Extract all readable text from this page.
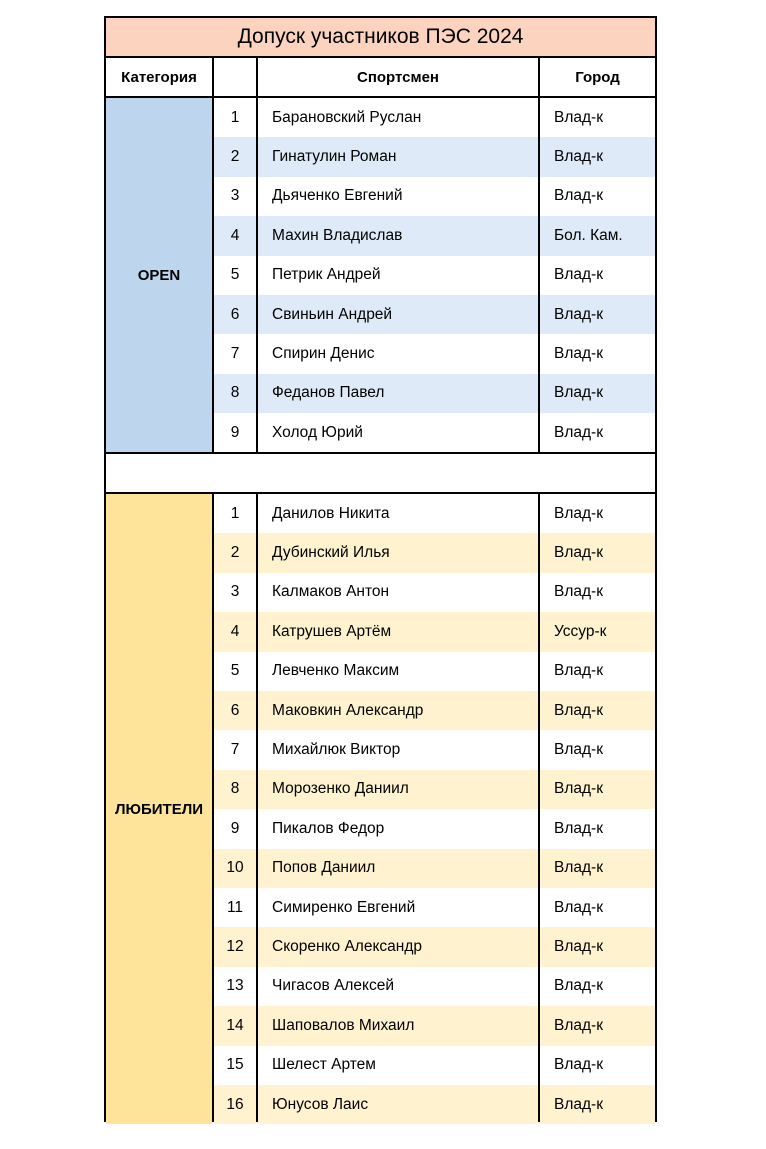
Допуск участников ПЭС 2024
Категория	Спортсмен	Город
OPEN
1	Барановский Руслан	Влад-к
2	Гинатулин Роман	Влад-к
3	Дьяченко Евгений	Влад-к
4	Махин Владислав	Бол. Кам.
5	Петрик Андрей	Влад-к
6	Свиньин Андрей	Влад-к
7	Спирин Денис	Влад-к
8	Феданов Павел	Влад-к
9	Холод Юрий	Влад-к
ЛЮБИТЕЛИ
1	Данилов Никита	Влад-к
2	Дубинский Илья	Влад-к
3	Калмаков Антон	Влад-к
4	Катрушев Артём	Уссур-к
5	Левченко Максим	Влад-к
6	Маковкин Александр	Влад-к
7	Михайлюк Виктор	Влад-к
8	Морозенко Даниил	Влад-к
9	Пикалов Федор	Влад-к
10	Попов Даниил	Влад-к
11	Симиренко Евгений	Влад-к
12	Скоренко Александр	Влад-к
13	Чигасов Алексей	Влад-к
14	Шаповалов Михаил	Влад-к
15	Шелест Артем	Влад-к
16	Юнусов Лаис	Влад-к
